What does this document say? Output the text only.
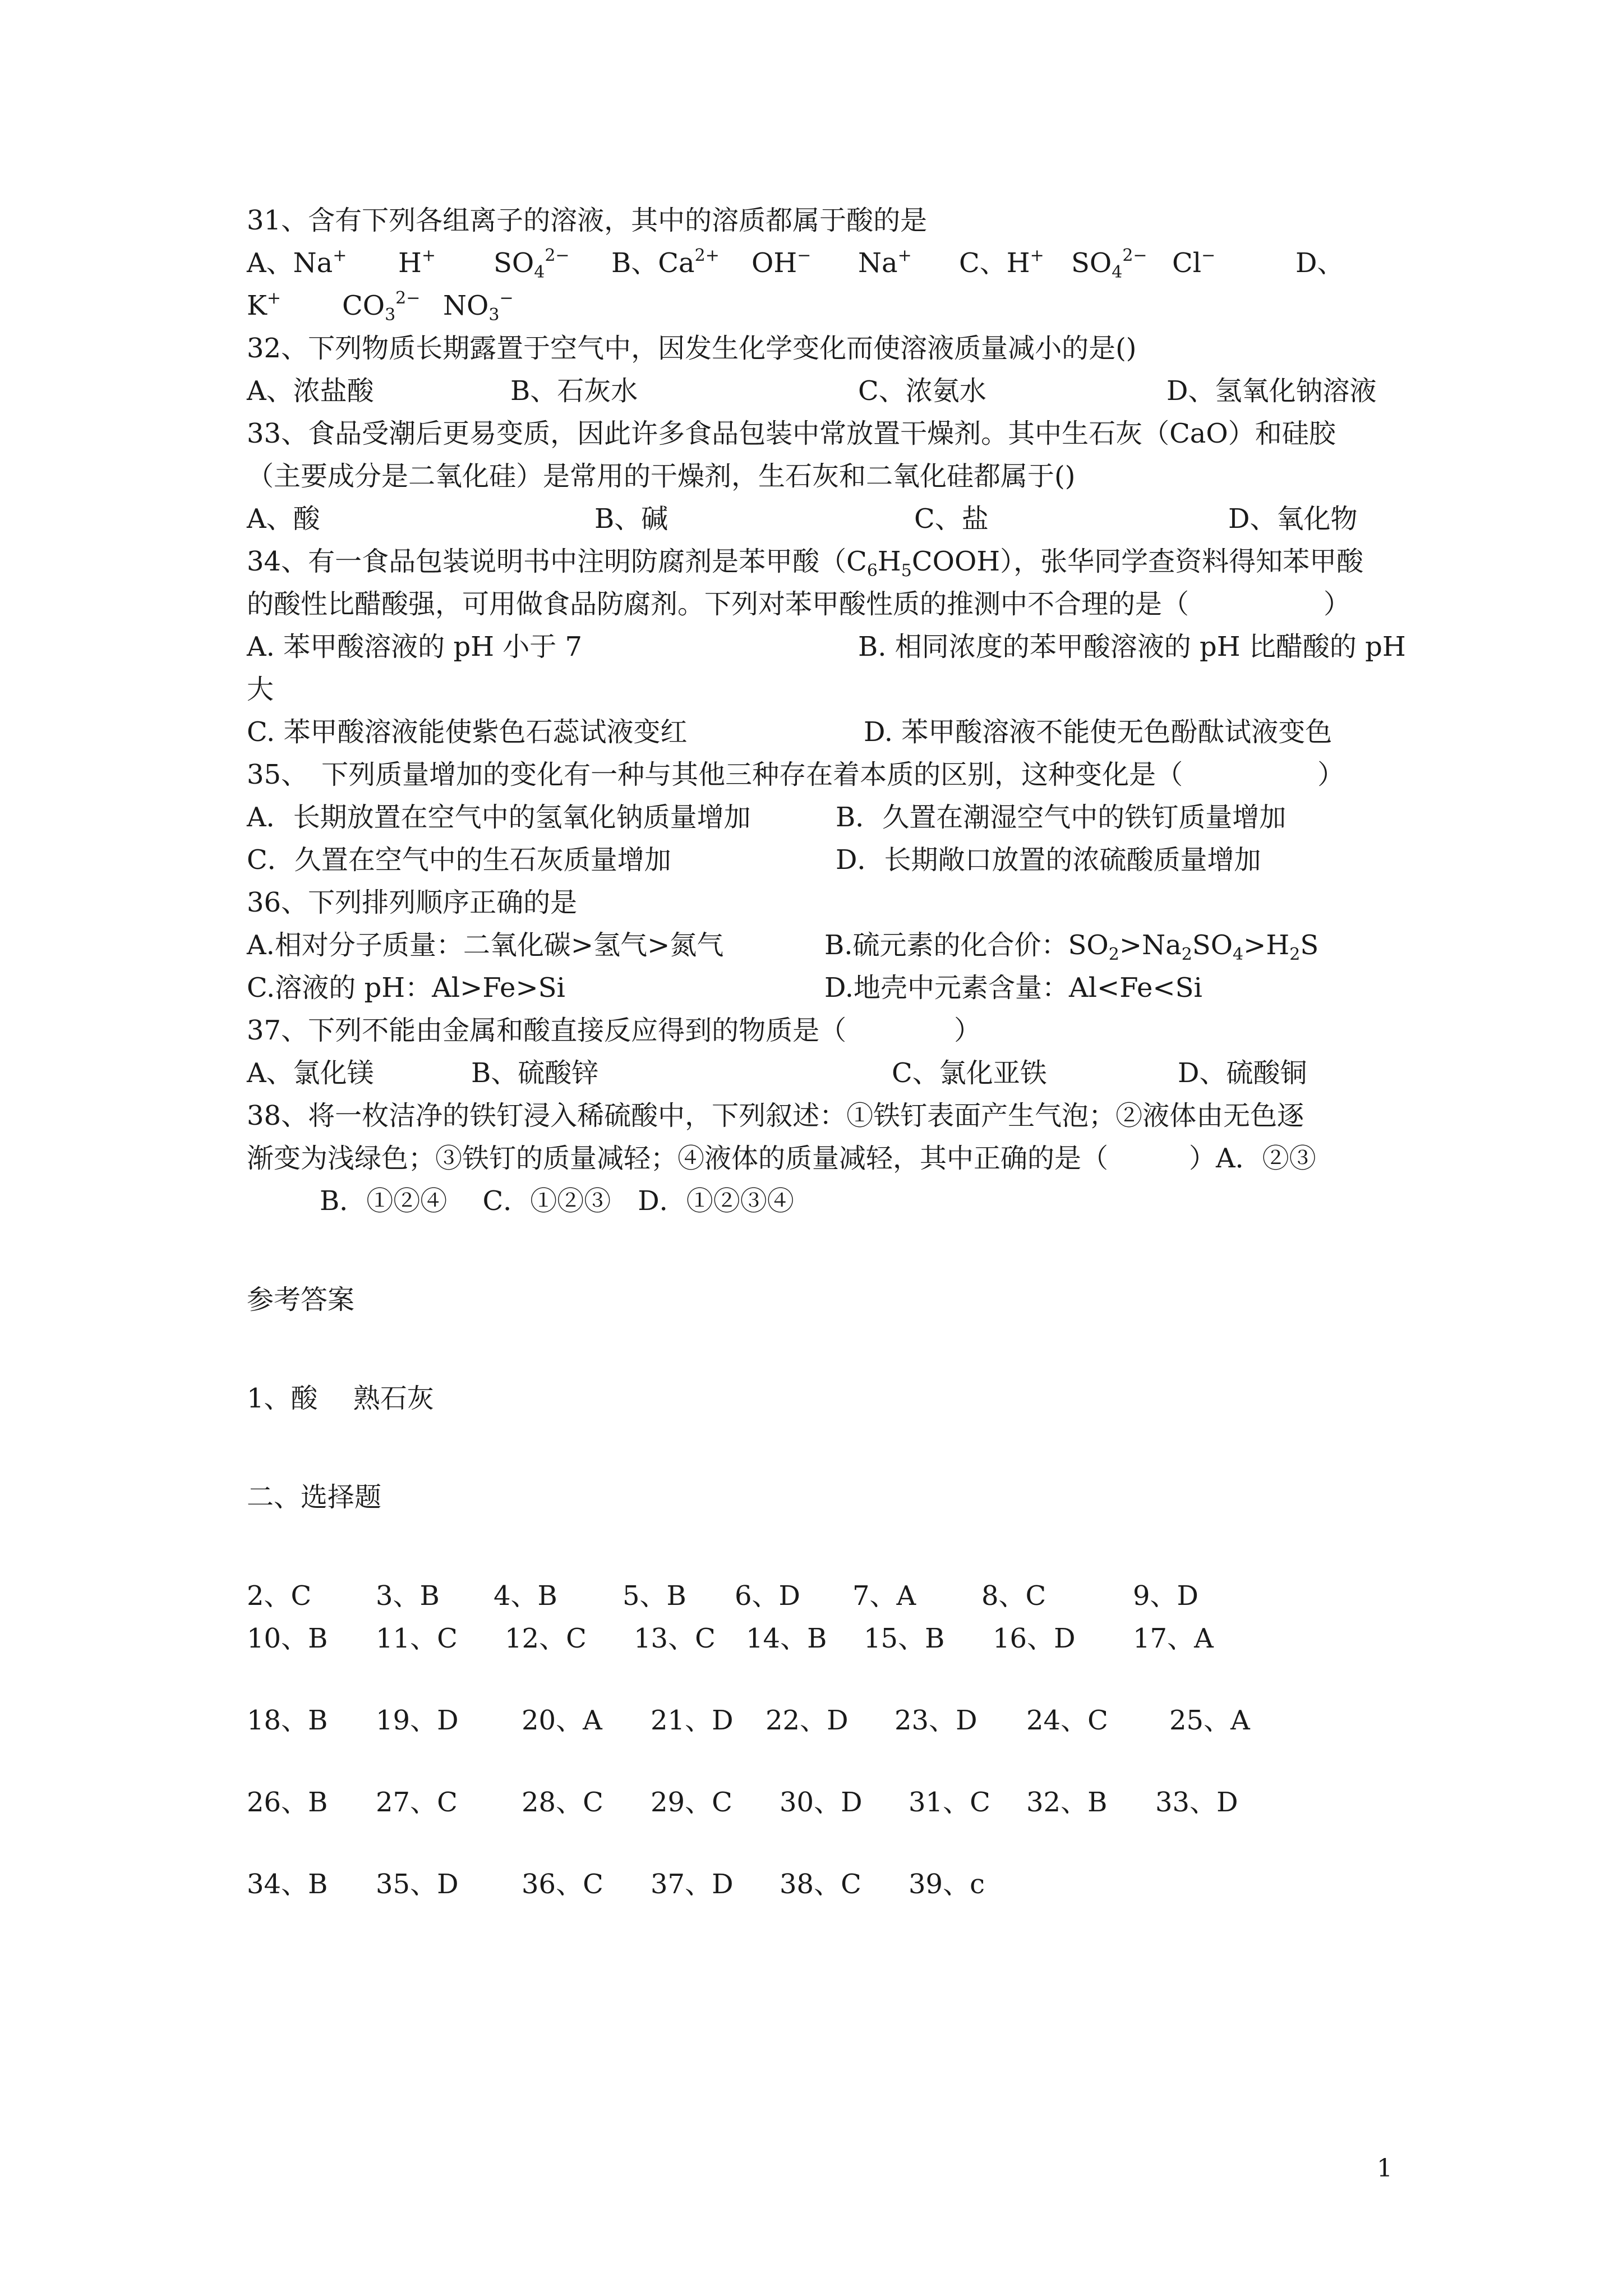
31、含有下列各组离子的溶液，其中的溶质都属于酸的是
A、Na+	H+	$SO_4^{2-}$	B、$Ca^{2+}$	OH−	Na+	C、H+	$SO_4^{2-}$ Cl−	D、
K+	$CO_3^{2-}$ $NO_3^-$
32、下列物质长期露置于空气中，因发生化学变化而使溶液质量减小的是()
A、浓盐酸	B、石灰水	C、浓氨水	D、氢氧化钠溶液
33、食品受潮后更易变质，因此许多食品包装中常放置干燥剂。其中生石灰（CaO）和硅胶
（主要成分是二氧化硅）是常用的干燥剂，生石灰和二氧化硅都属于()
A、酸	B、碱	C、盐	D、氧化物
34、有一食品包装说明书中注明防腐剂是苯甲酸$(C_6H_5COOH)$，张华同学查资料得知苯甲酸
的酸性比醋酸强，可用做食品防腐剂。下列对苯甲酸性质的推测中不合理的是（　　　　　）
A. 苯甲酸溶液的 pH 小于 7	B. 相同浓度的苯甲酸溶液的 pH 比醋酸的 pH
大
C. 苯甲酸溶液能使紫色石蕊试液变红	D. 苯甲酸溶液不能使无色酚酞试液变色
35、　下列质量增加的变化有一种与其他三种存在着本质的区别，这种变化是（　　　　　）
A．长期放置在空气中的氢氧化钠质量增加	B．久置在潮湿空气中的铁钉质量增加
C．久置在空气中的生石灰质量增加	D．长期敞口放置的浓硫酸质量增加
36、下列排列顺序正确的是
A.相对分子质量：二氧化碳>氢气>氮气	B.硫元素的化合价：$SO_2>Na_2SO_4>H_2S$
C.溶液的 pH：Al>Fe>Si	D.地壳中元素含量：Al<Fe<Si
37、下列不能由金属和酸直接反应得到的物质是（　　　　）
A、氯化镁	B、硫酸锌	C、氯化亚铁	D、硫酸铜
38、将一枚洁净的铁钉浸入稀硫酸中，下列叙述：①铁钉表面产生气泡；②液体由无色逐
渐变为浅绿色；③铁钉的质量减轻；④液体的质量减轻，其中正确的是（　　　）A．②③
B．①②④　 C．①②③　D．①②③④
参考答案
1、酸　 熟石灰
二、选择题
2、C	3、B	4、B	5、B	6、D	7、A	8、C	9、D
10、B	11、C	12、C	13、C	14、B	15、B	16、D	17、A
18、B	19、D	20、A	21、D	22、D	23、D	24、C	25、A
26、B	27、C	28、C	29、C	30、D	31、C	32、B	33、D
34、B	35、D	36、C	37、D	38、C	39、c
1
